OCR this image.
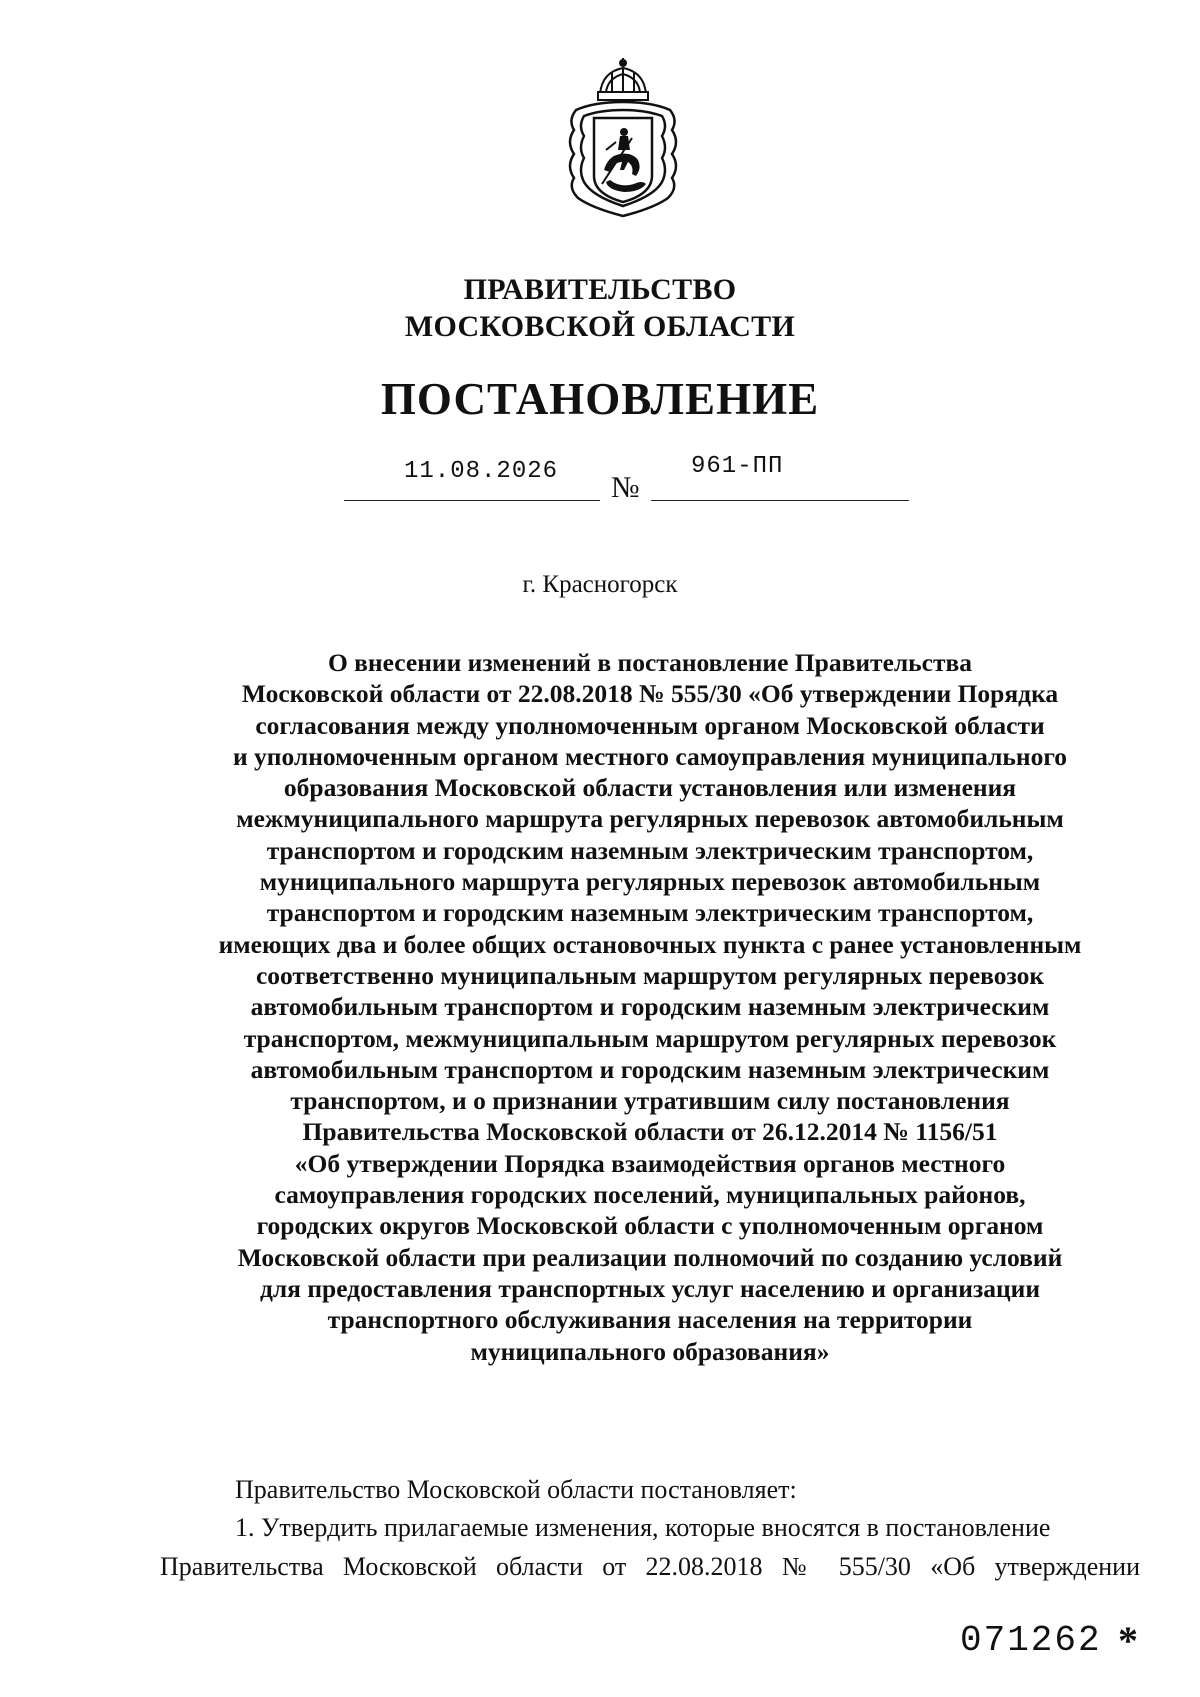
ПРАВИТЕЛЬСТВО
МОСКОВСКОЙ ОБЛАСТИ
ПОСТАНОВЛЕНИЕ
11.08.2026 №
961-ПП
г. Красногорск
О внесении изменений в постановление Правительства
Московской области от 22.08.2018 № 555/30 «Об утверждении Порядка
согласования между уполномоченным органом Московской области
и уполномоченным органом местного самоуправления муниципального
образования Московской области установления или изменения
межмуниципального маршрута регулярных перевозок автомобильным
транспортом и городским наземным электрическим транспортом,
муниципального маршрута регулярных перевозок автомобильным
транспортом и городским наземным электрическим транспортом,
имеющих два и более общих остановочных пункта с ранее установленным
соответственно муниципальным маршрутом регулярных перевозок
автомобильным транспортом и городским наземным электрическим
транспортом, межмуниципальным маршрутом регулярных перевозок
автомобильным транспортом и городским наземным электрическим
транспортом, и о признании утратившим силу постановления
Правительства Московской области от 26.12.2014 № 1156/51
«Об утверждении Порядка взаимодействия органов местного
самоуправления городских поселений, муниципальных районов,
городских округов Московской области с уполномоченным органом
Московской области при реализации полномочий по созданию условий
для предоставления транспортных услуг населению и организации
транспортного обслуживания населения на территории
муниципального образования»
Правительство Московской области постановляет:
1. Утвердить прилагаемые изменения, которые вносятся в постановление
Правительства Московской области от 22.08.2018 № 555/30 «Об утверждении
071262 *
